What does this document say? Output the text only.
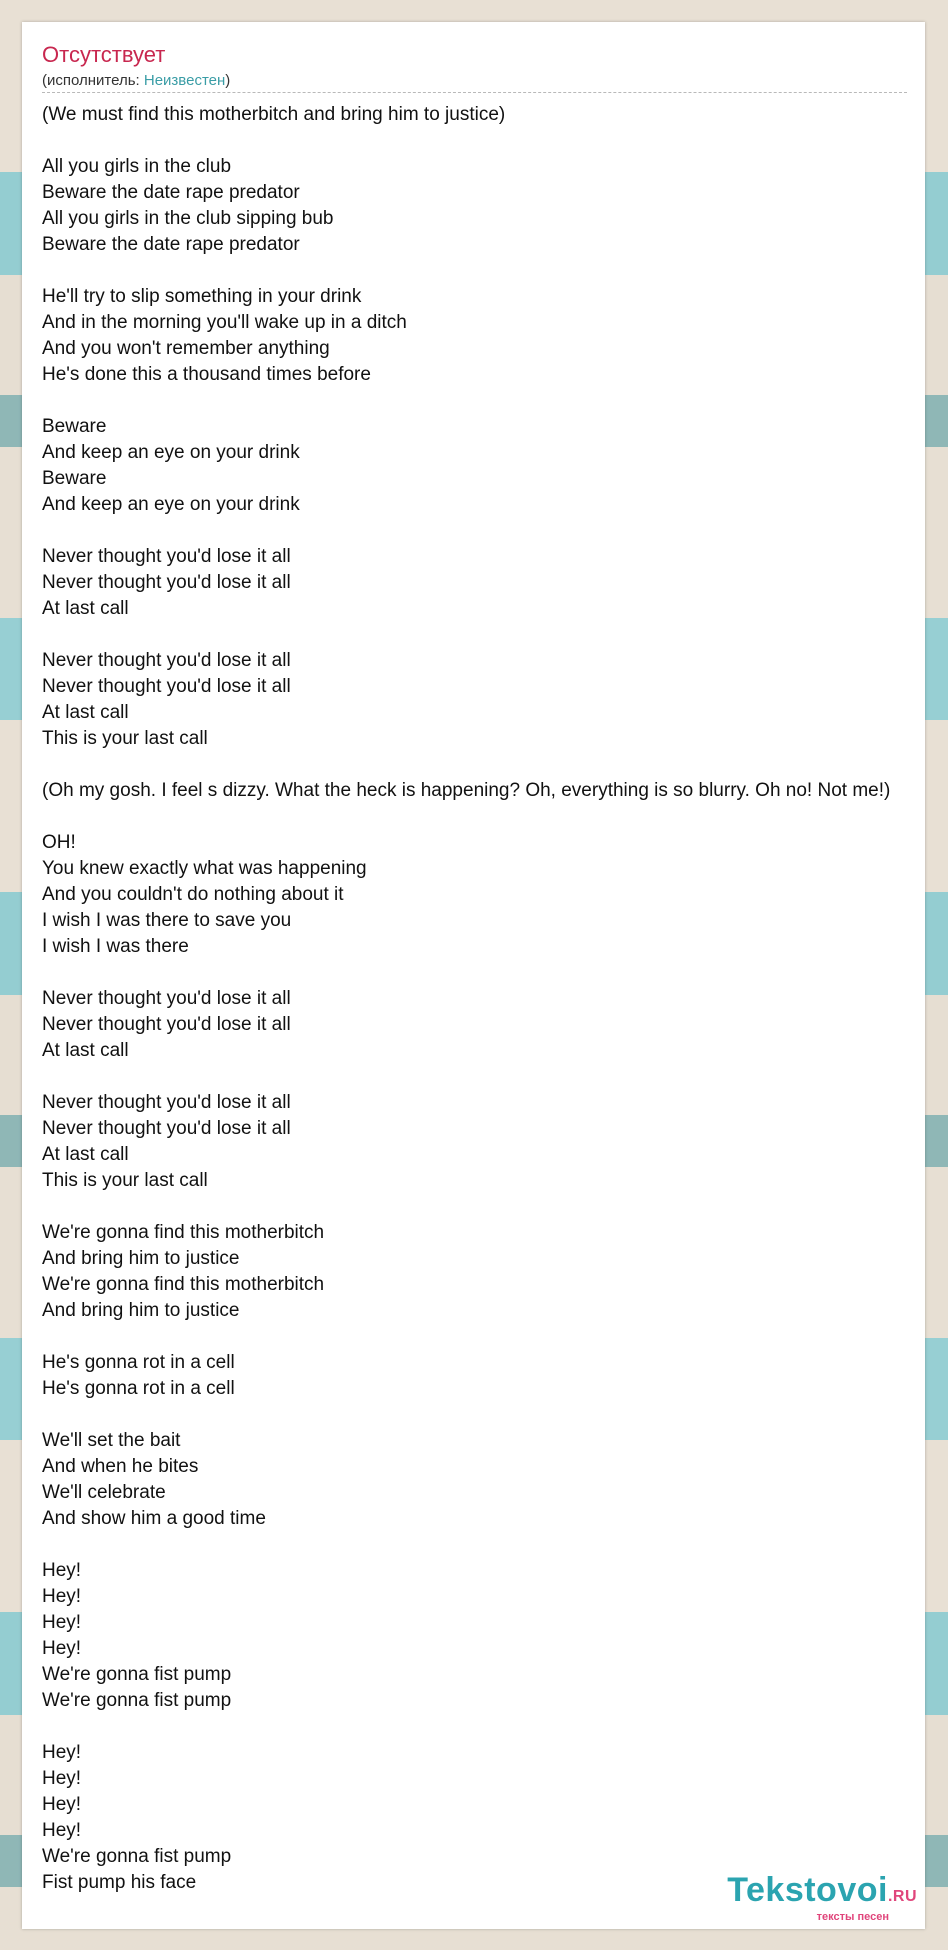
Отсутствует
(исполнитель: Неизвестен)
(We must find this motherbitch and bring him to justice)

All you girls in the club
Beware the date rape predator
All you girls in the club sipping bub
Beware the date rape predator

He'll try to slip something in your drink
And in the morning you'll wake up in a ditch
And you won't remember anything
He's done this a thousand times before

Beware
And keep an eye on your drink
Beware
And keep an eye on your drink

Never thought you'd lose it all
Never thought you'd lose it all
At last call

Never thought you'd lose it all
Never thought you'd lose it all
At last call
This is your last call

(Oh my gosh. I feel s dizzy. What the heck is happening? Oh, everything is so blurry. Oh no! Not me!)

OH!
You knew exactly what was happening
And you couldn't do nothing about it
I wish I was there to save you
I wish I was there

Never thought you'd lose it all
Never thought you'd lose it all
At last call

Never thought you'd lose it all
Never thought you'd lose it all
At last call
This is your last call

We're gonna find this motherbitch
And bring him to justice
We're gonna find this motherbitch
And bring him to justice

He's gonna rot in a cell
He's gonna rot in a cell

We'll set the bait
And when he bites
We'll celebrate
And show him a good time

Hey!
Hey!
Hey!
Hey!
We're gonna fist pump
We're gonna fist pump

Hey!
Hey!
Hey!
Hey!
We're gonna fist pump
Fist pump his face	Tekstovoi.RU
тексты песен
